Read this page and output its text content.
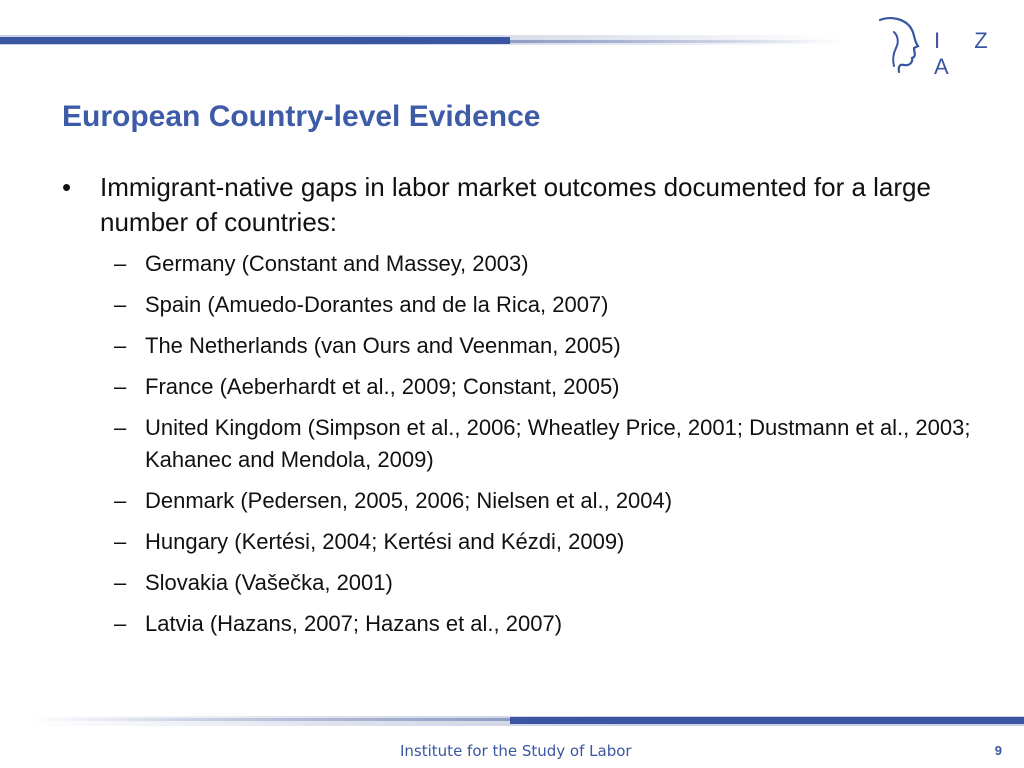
I Z A
European Country-level Evidence
• Immigrant-native gaps in labor market outcomes documented for a large number of countries:
– Germany (Constant and Massey, 2003)
– Spain (Amuedo-Dorantes and de la Rica, 2007)
– The Netherlands (van Ours and Veenman, 2005)
– France (Aeberhardt et al., 2009; Constant, 2005)
– United Kingdom (Simpson et al., 2006; Wheatley Price, 2001; Dustmann et al., 2003; Kahanec and Mendola, 2009)
– Denmark (Pedersen, 2005, 2006; Nielsen et al., 2004)
– Hungary (Kertési, 2004; Kertési and Kézdi, 2009)
– Slovakia (Vašečka, 2001)
– Latvia (Hazans, 2007; Hazans et al., 2007)
Institute for the Study of Labor	9
